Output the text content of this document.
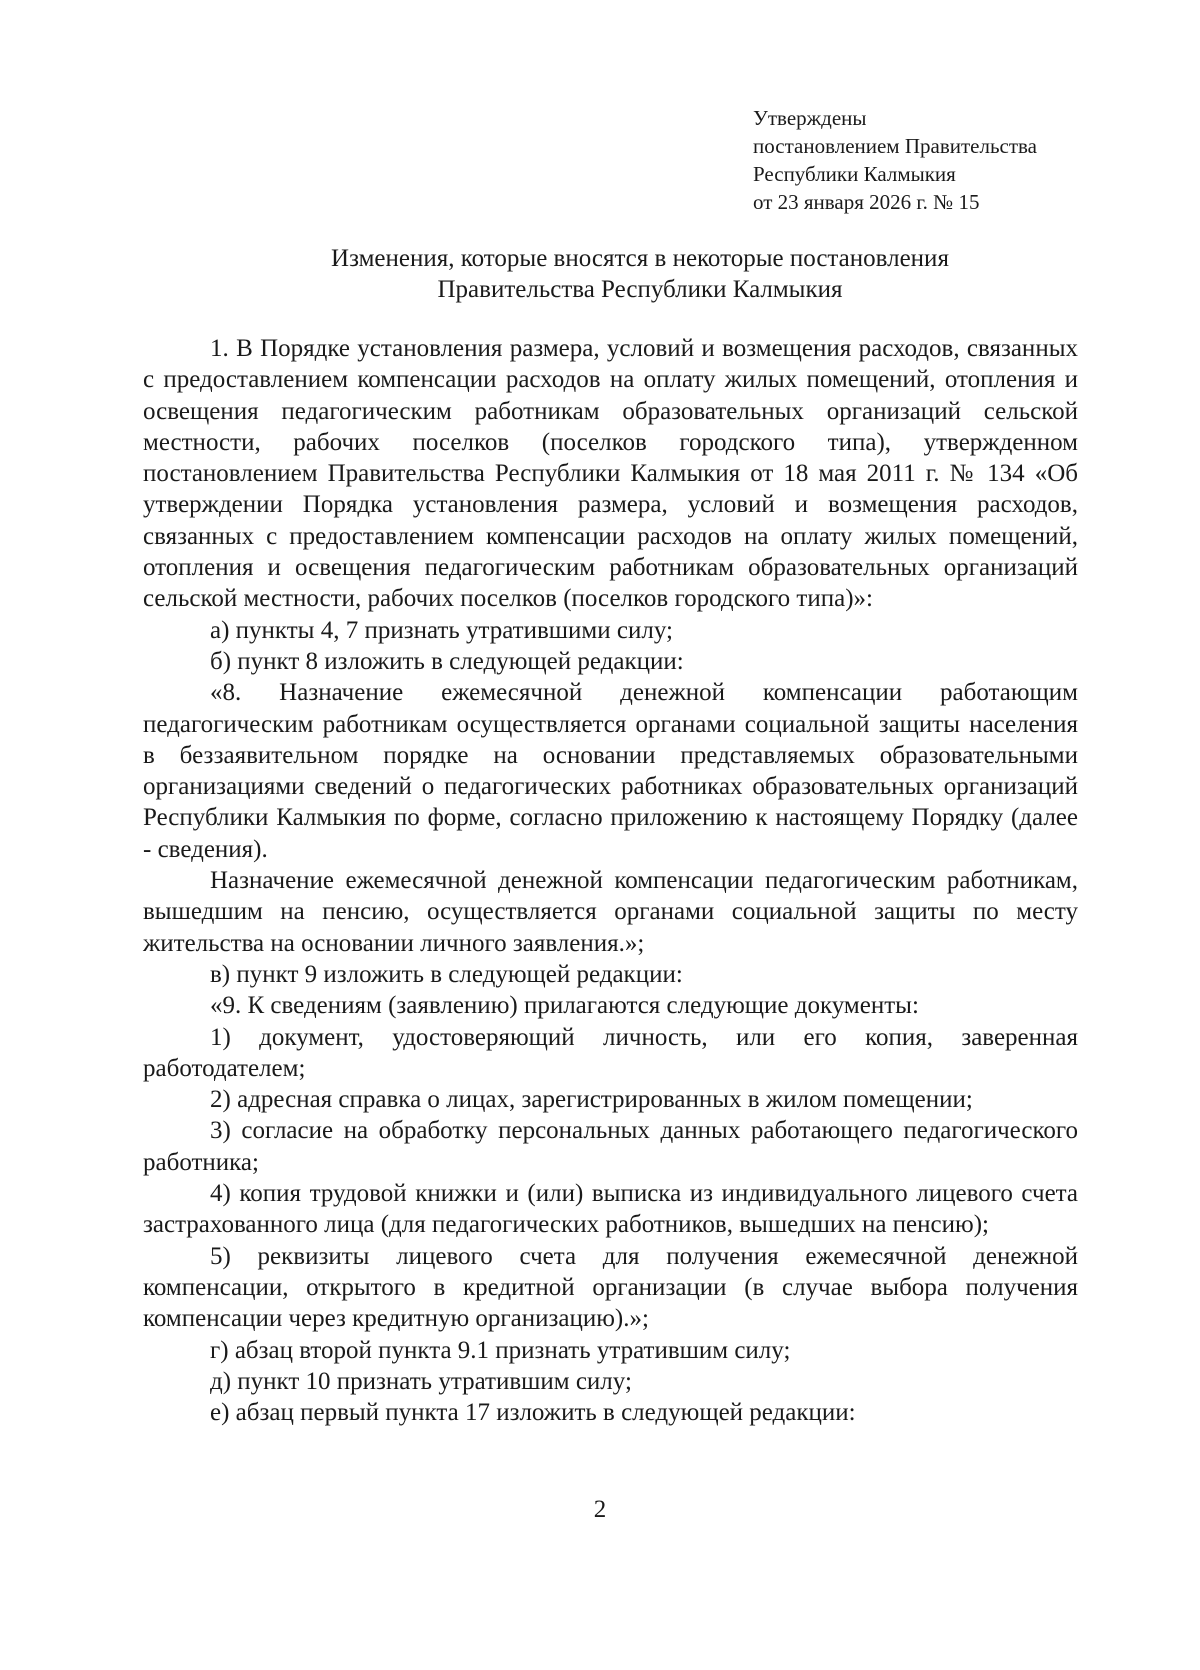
Утверждены
постановлением Правительства
Республики Калмыкия
от 23 января 2026 г. № 15
Изменения, которые вносятся в некоторые постановления
Правительства Республики Калмыкия

1. В Порядке установления размера, условий и возмещения расходов, связанных с предоставлением компенсации расходов на оплату жилых помещений, отопления и освещения педагогическим работникам образовательных организаций сельской местности, рабочих поселков (поселков городского типа), утвержденном постановлением Правительства Республики Калмыкия от 18 мая 2011 г. № 134 «Об утверждении Порядка установления размера, условий и возмещения расходов, связанных с предоставлением компенсации расходов на оплату жилых помещений, отопления и освещения педагогическим работникам образовательных организаций сельской местности, рабочих поселков (поселков городского типа)»:

а) пункты 4, 7 признать утратившими силу;

б) пункт 8 изложить в следующей редакции:

«8. Назначение ежемесячной денежной компенсации работающим педагогическим работникам осуществляется органами социальной защиты населения в беззаявительном порядке на основании представляемых образовательными организациями сведений о педагогических работниках образовательных организаций Республики Калмыкия по форме, согласно приложению к настоящему Порядку (далее - сведения).

Назначение ежемесячной денежной компенсации педагогическим работникам, вышедшим на пенсию, осуществляется органами социальной защиты по месту жительства на основании личного заявления.»;

в) пункт 9 изложить в следующей редакции:

«9. К сведениям (заявлению) прилагаются следующие документы:

1) документ, удостоверяющий личность, или его копия, заверенная работодателем;

2) адресная справка о лицах, зарегистрированных в жилом помещении;

3) согласие на обработку персональных данных работающего педагогического работника;

4) копия трудовой книжки и (или) выписка из индивидуального лицевого счета застрахованного лица (для педагогических работников, вышедших на пенсию);

5) реквизиты лицевого счета для получения ежемесячной денежной компенсации, открытого в кредитной организации (в случае выбора получения компенсации через кредитную организацию).»;

г) абзац второй пункта 9.1 признать утратившим силу;

д) пункт 10 признать утратившим силу;

е) абзац первый пункта 17 изложить в следующей редакции:

2
